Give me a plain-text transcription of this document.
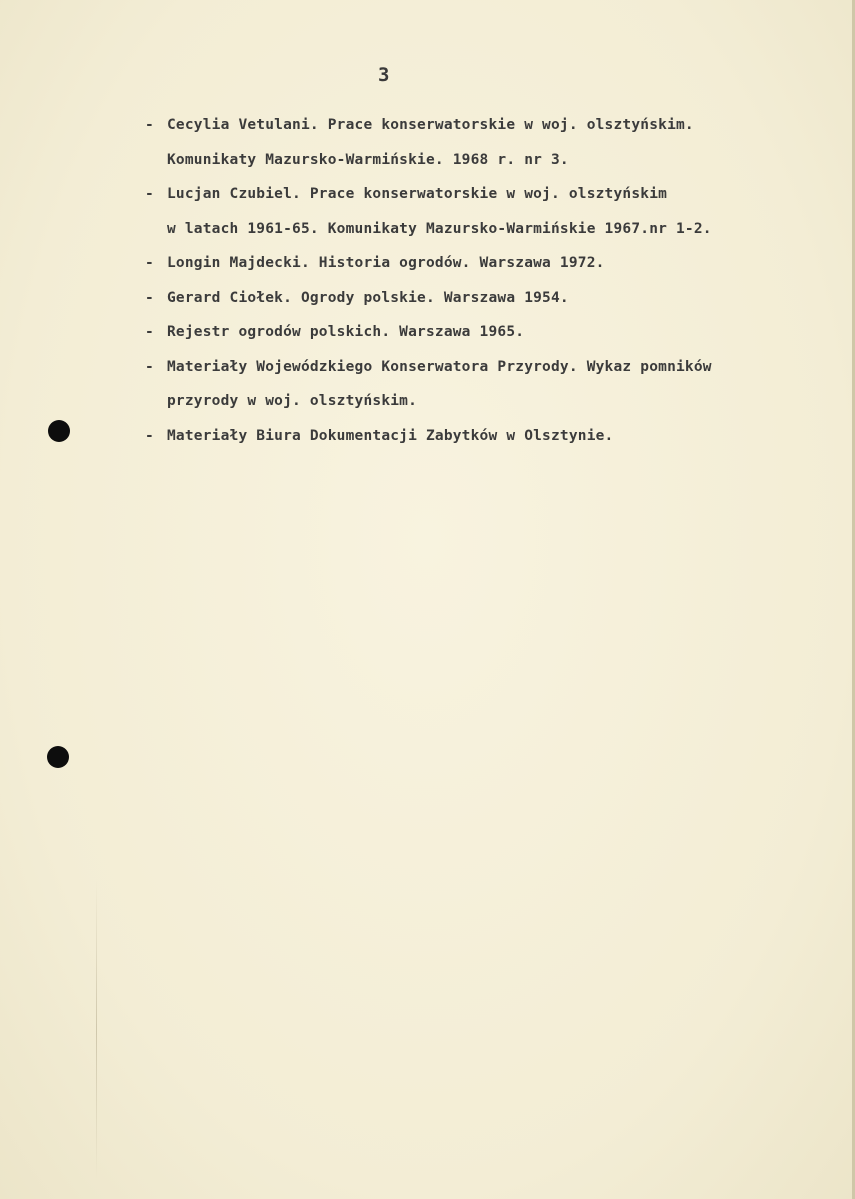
3
- Cecylia Vetulani. Prace konserwatorskie w woj. olsztyńskim.
Komunikaty Mazursko-Warmińskie. 1968 r. nr 3.
- Lucjan Czubiel. Prace konserwatorskie w woj. olsztyńskim
w latach 1961-65. Komunikaty Mazursko-Warmińskie 1967.nr 1-2.
- Longin Majdecki. Historia ogrodów. Warszawa 1972.
- Gerard Ciołek. Ogrody polskie. Warszawa 1954.
- Rejestr ogrodów polskich. Warszawa 1965.
- Materiały Wojewódzkiego Konserwatora Przyrody. Wykaz pomników
przyrody w woj. olsztyńskim.
- Materiały Biura Dokumentacji Zabytków w Olsztynie.
